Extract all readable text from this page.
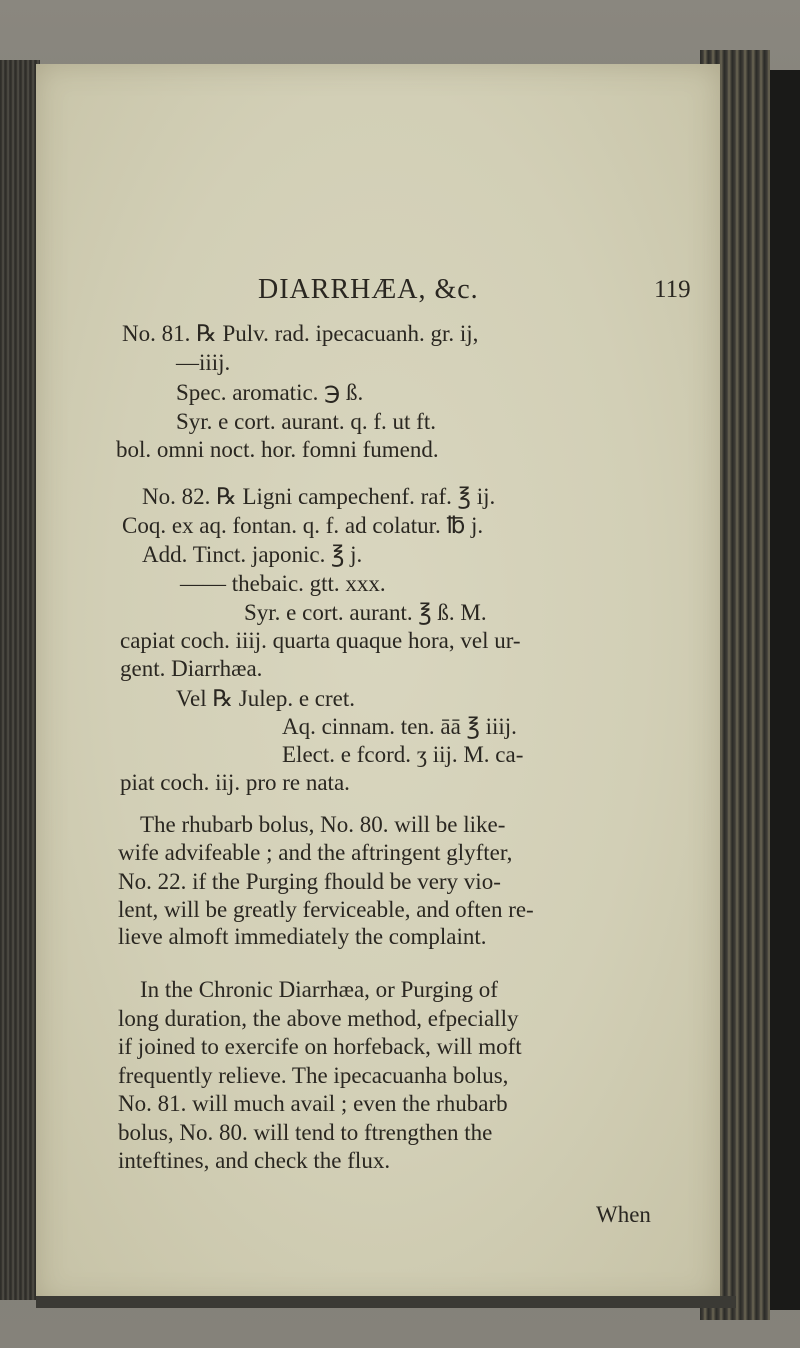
DIARRHÆA, &c.	119
No. 81. ℞ Pulv. rad. ipecacuanh. gr. ij,
—iiij.
Spec. aromatic. ℈ ß.
Syr. e cort. aurant. q. f. ut ft.
bol. omni noct. hor. fomni fumend.
No. 82. ℞ Ligni campechenf. raf. ℥ ij.
Coq. ex aq. fontan. q. f. ad colatur. ℔ j.
Add. Tinct. japonic. ℥ j.
—— thebaic. gtt. xxx.
Syr. e cort. aurant. ℥ ß. M.
capiat coch. iiij. quarta quaque hora, vel ur-
gent. Diarrhæa.
Vel ℞ Julep. e cret.
Aq. cinnam. ten. āā ℥ iiij.
Elect. e fcord. ʒ iij. M. ca-
piat coch. iij. pro re nata.
The rhubarb bolus, No. 80. will be like-
wife advifeable ; and the aftringent glyfter,
No. 22. if the Purging fhould be very vio-
lent, will be greatly ferviceable, and often re-
lieve almoft immediately the complaint.
In the Chronic Diarrhæa, or Purging of
long duration, the above method, efpecially
if joined to exercife on horfeback, will moft
frequently relieve. The ipecacuanha bolus,
No. 81. will much avail ; even the rhubarb
bolus, No. 80. will tend to ftrengthen the
inteftines, and check the flux.
When
